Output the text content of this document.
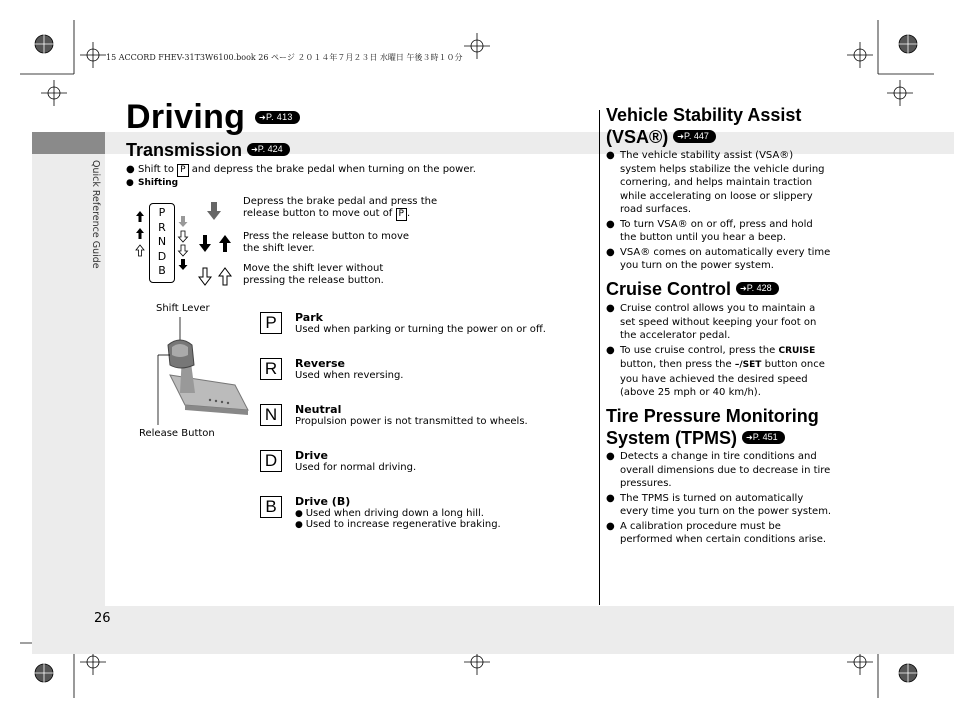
15 ACCORD FHEV-31T3W6100.book 26 ページ ２０１４年７月２３日 水曜日 午後３時１０分
Quick Reference Guide
26
Driving ➜P. 413
Transmission ➜P. 424
● Shift to P and depress the brake pedal when turning on the power.
● Shifting
P
R
N
D
B
Depress the brake pedal and press the
release button to move out of P .
Press the release button to move
the shift lever.
Move the shift lever without
pressing the release button.
Shift Lever
Release Button
P	Park
Used when parking or turning the power on or off.
R	Reverse
Used when reversing.
N	Neutral
Propulsion power is not transmitted to wheels.
D	Drive
Used for normal driving.
B	Drive (B)
● Used when driving down a long hill.
● Used to increase regenerative braking.
Vehicle Stability Assist
(VSA®) ➜P. 447
● The vehicle stability assist (VSA®) system helps stabilize the vehicle during cornering, and helps maintain traction while accelerating on loose or slippery road surfaces.
● To turn VSA® on or off, press and hold the button until you hear a beep.
● VSA® comes on automatically every time you turn on the power system.
Cruise Control ➜P. 428
● Cruise control allows you to maintain a set speed without keeping your foot on the accelerator pedal.
● To use cruise control, press the CRUISE button, then press the –/SET button once you have achieved the desired speed (above 25 mph or 40 km/h).
Tire Pressure Monitoring
System (TPMS) ➜P. 451
● Detects a change in tire conditions and overall dimensions due to decrease in tire pressures.
● The TPMS is turned on automatically every time you turn on the power system.
● A calibration procedure must be performed when certain conditions arise.
